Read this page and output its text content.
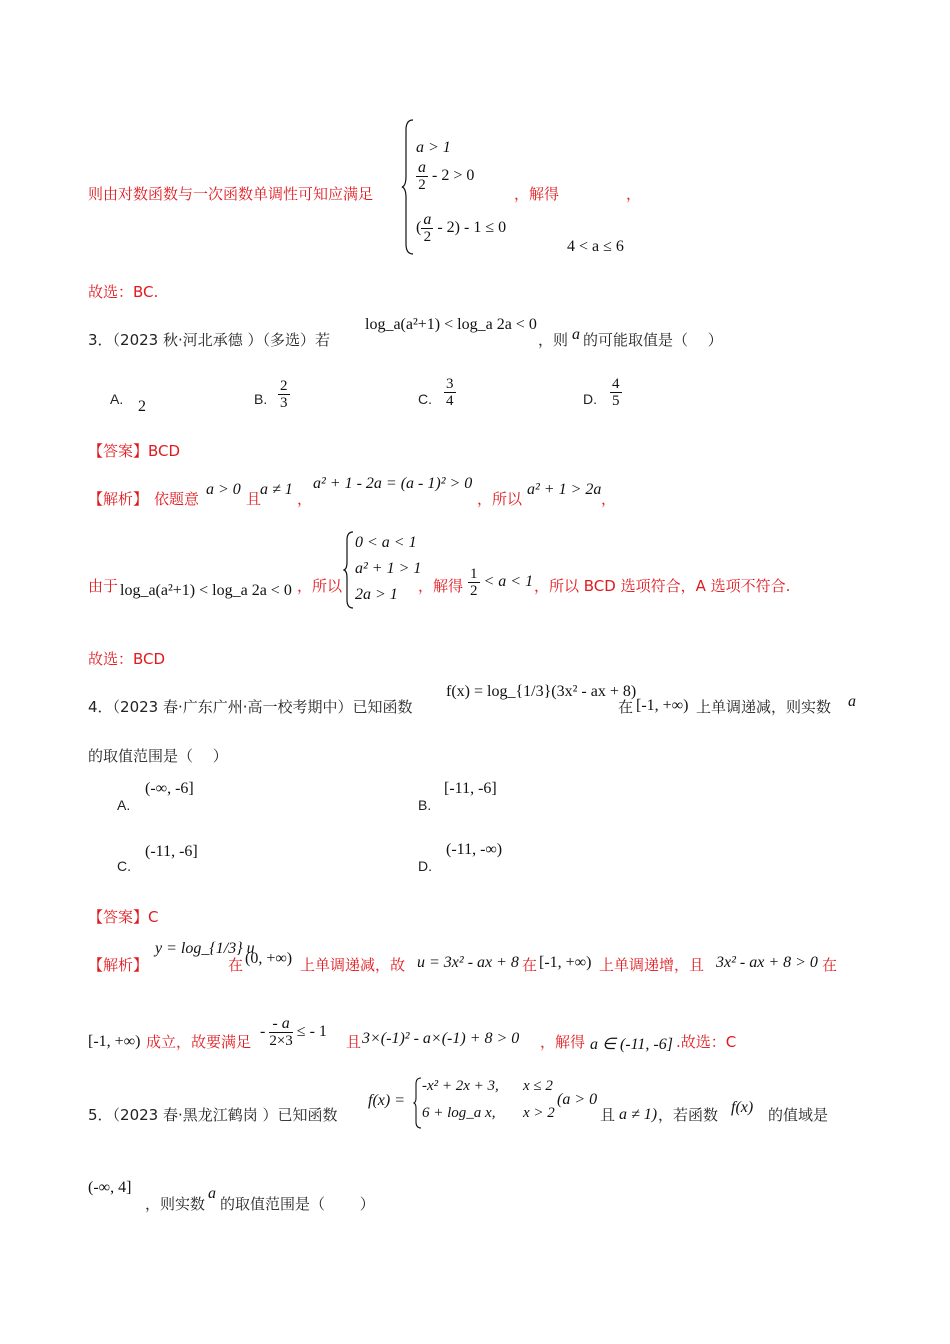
则由对数函数与一次函数单调性可知应满足
a > 1
$\frac{a}{2} - 2 > 0$
( $\frac{a}{2} - 2) - 1 \le 0$
，解得	，
4 < a ≤ 6
故选：BC.
3．（2023 秋·河北承德 ）（多选）若
log_a(a²+1) < log_a 2a < 0
，则 a 的可能取值是（　 ）
A. 2	B. $\frac{2}{3}$	C. $\frac{3}{4}$	D. $\frac{4}{5}$
【答案】BCD
【解析】 依题意
a > 0
且
a ≠ 1
，
a² + 1 - 2a = (a - 1)² > 0
，所以
a² + 1 > 2a
，
由于 log_a(a²+1) < log_a 2a < 0 ，所以
0 < a < 1
a² + 1 > 1
2a > 1 ，解得 $\frac{1}{2} < a < 1$ ，所以 BCD 选项符合，A 选项不符合.
故选：BCD
4．（2023 春·广东广州·高一校考期中）已知函数
f(x) = log_{1/3}(3x² - ax + 8)
在 [-1, +∞) 上单调递减，则实数 a
的取值范围是（　 ）
A.
(-∞, -6]
B.
[-11, -6]
C.
(-11, -6]
D.
(-11, -∞)
【答案】C
【解析】
y = log_{1/3} u
在 (0, +∞) 上单调递减，故 u = 3x² - ax + 8 在 [-1, +∞) 上单调递增，且 3x² - ax + 8 > 0 在
[-1, +∞) 成立，故要满足
- $\frac{- a}{2\times 3}$ ≤ - 1
且 3×(-1)² - a×(-1) + 8 > 0 ，解得 a ∈ (-11, -6] .故选：C
5．（2023 春·黑龙江鹤岗 ）已知函数
f(x) =
-x² + 2x + 3, x ≤ 2
6 + log_a x, x > 2
(a > 0
且 a ≠ 1) ，若函数 f(x) 的值域是
(-∞, 4]
，则实数
a
的取值范围是（　　 ）
